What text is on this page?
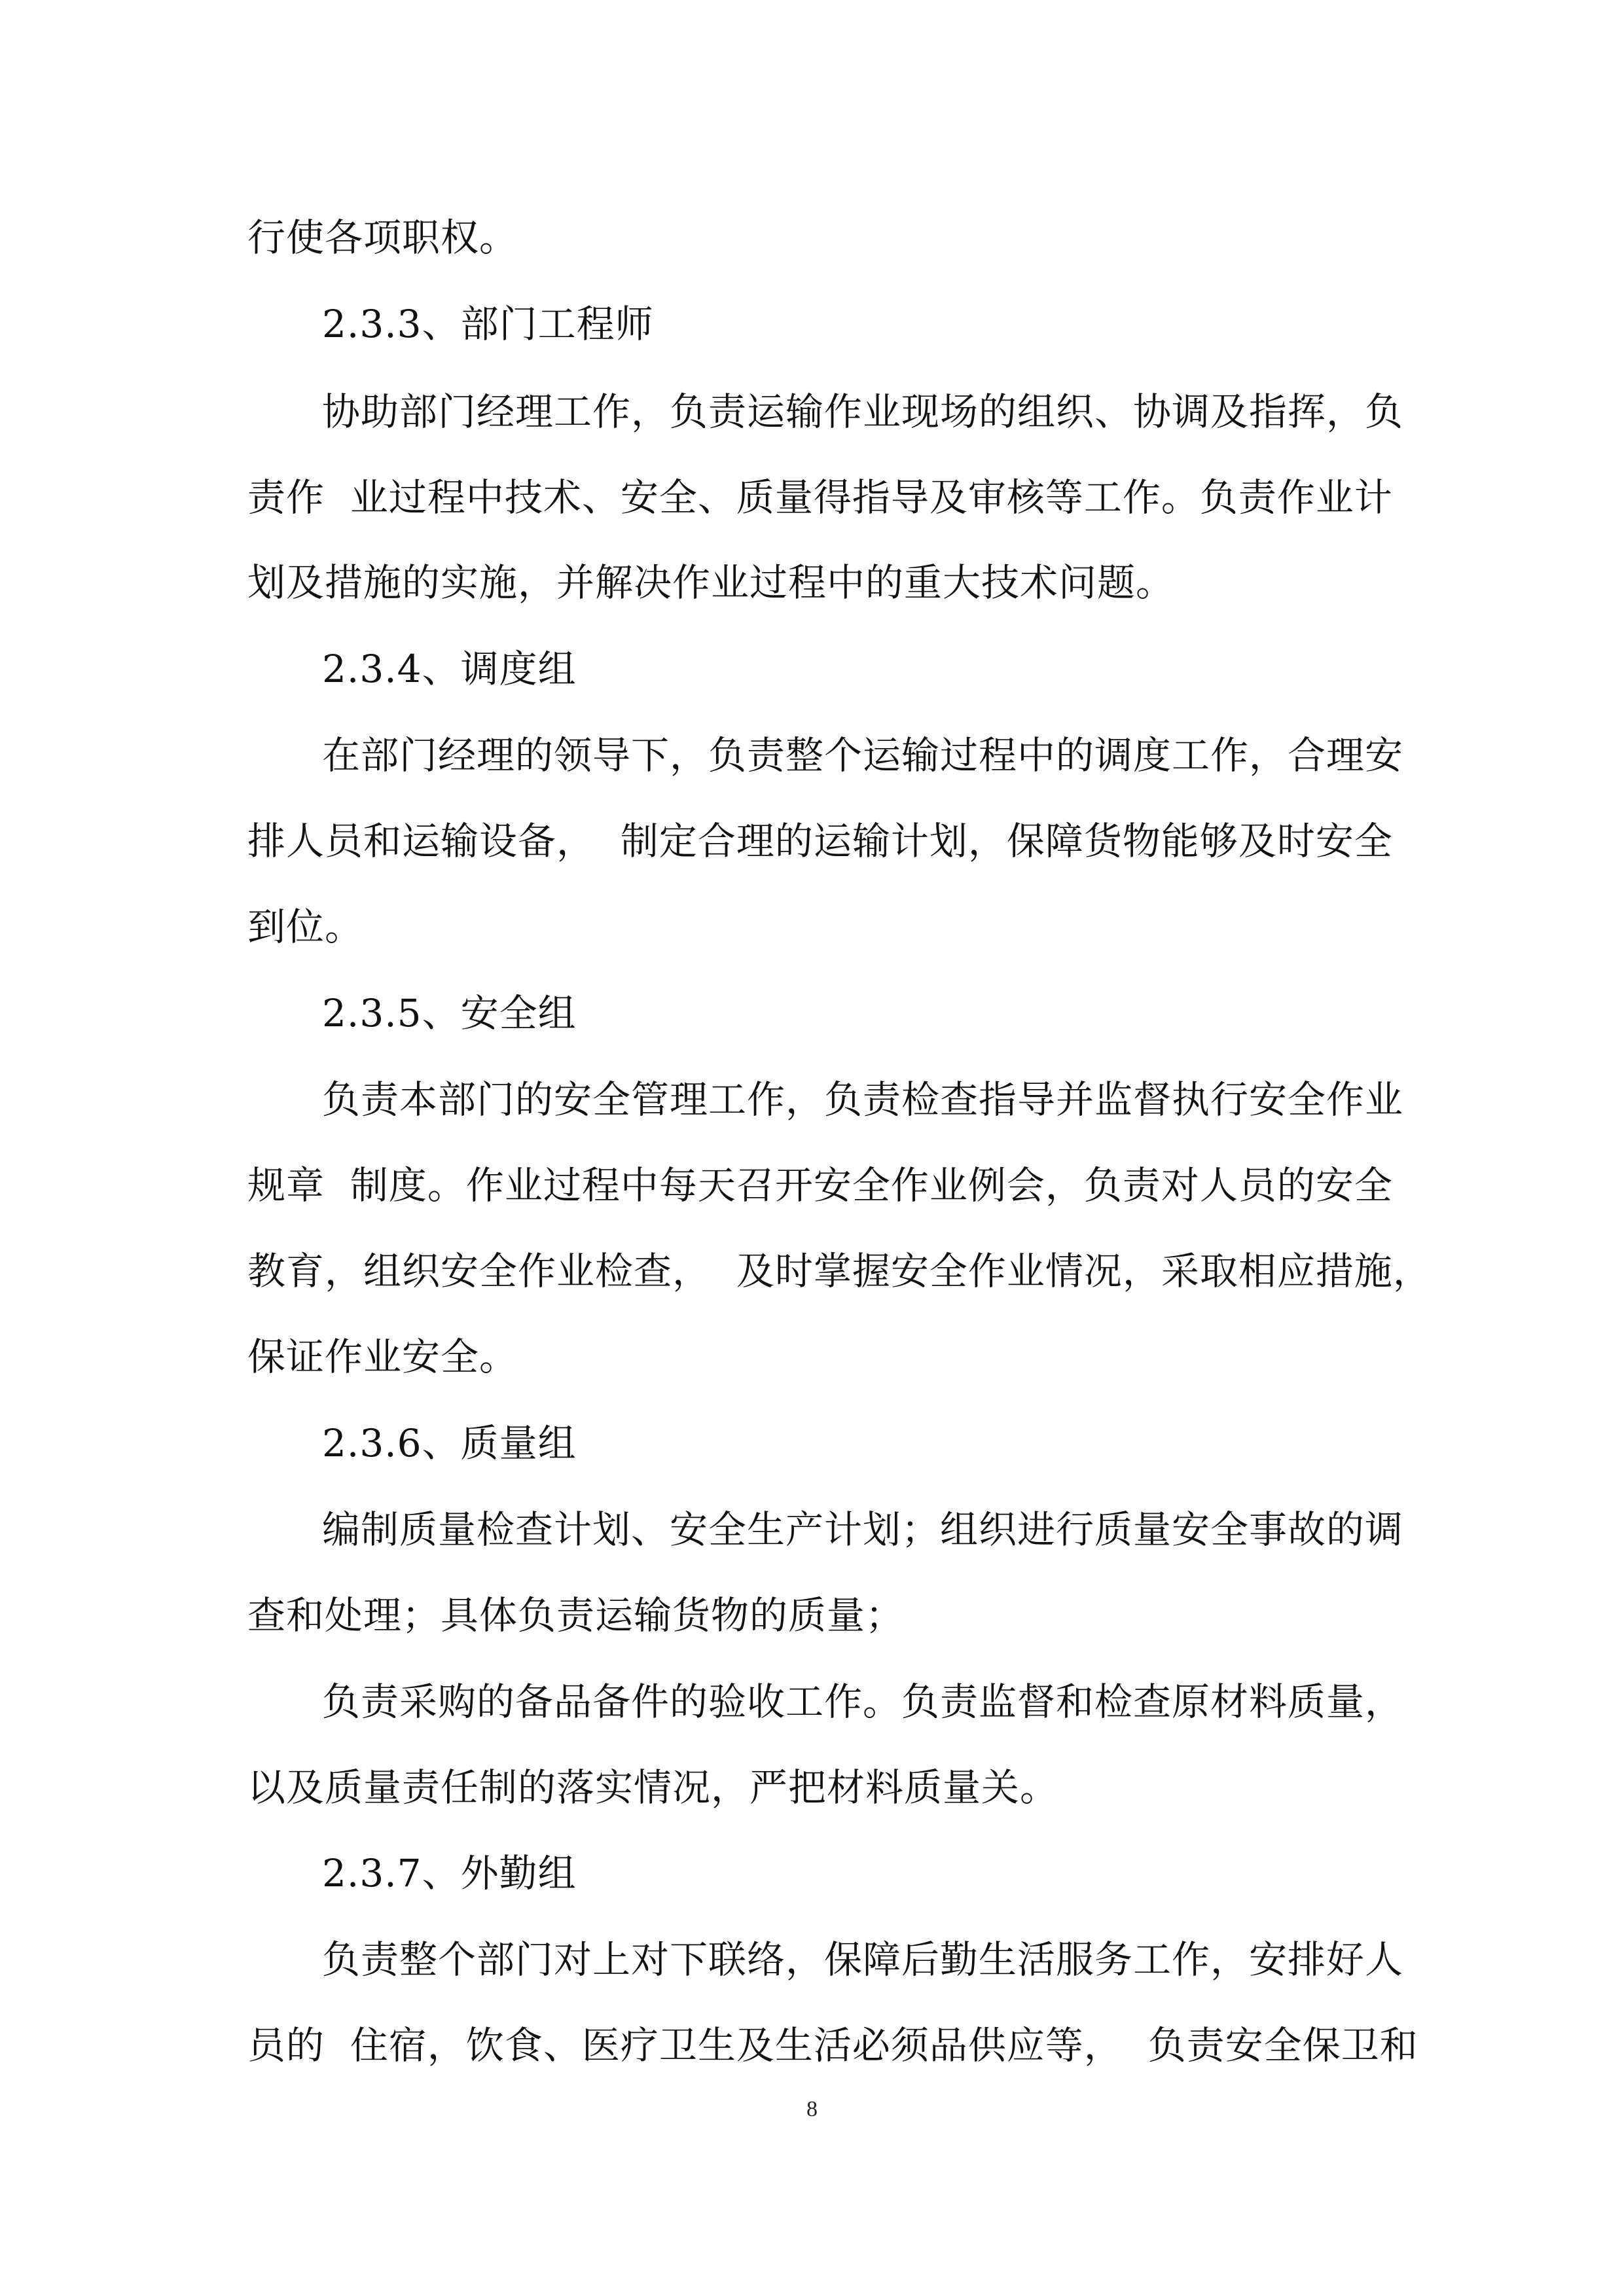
行使各项职权。
2.3.3、部门工程师
协助部门经理工作，负责运输作业现场的组织、协调及指挥，负
责作  业过程中技术、安全、质量得指导及审核等工作。负责作业计
划及措施的实施，并解决作业过程中的重大技术问题。
2.3.4、调度组
在部门经理的领导下，负责整个运输过程中的调度工作，合理安
排人员和运输设备，  制定合理的运输计划，保障货物能够及时安全
到位。
2.3.5、安全组
负责本部门的安全管理工作，负责检查指导并监督执行安全作业
规章  制度。作业过程中每天召开安全作业例会，负责对人员的安全
教育，组织安全作业检查，  及时掌握安全作业情况，采取相应措施，
保证作业安全。
2.3.6、质量组
编制质量检查计划、安全生产计划；组织进行质量安全事故的调
查和处理；具体负责运输货物的质量；
负责采购的备品备件的验收工作。负责监督和检查原材料质量，
以及质量责任制的落实情况，严把材料质量关。
2.3.7、外勤组
负责整个部门对上对下联络，保障后勤生活服务工作，安排好人
员的  住宿，饮食、医疗卫生及生活必须品供应等，  负责安全保卫和
8
